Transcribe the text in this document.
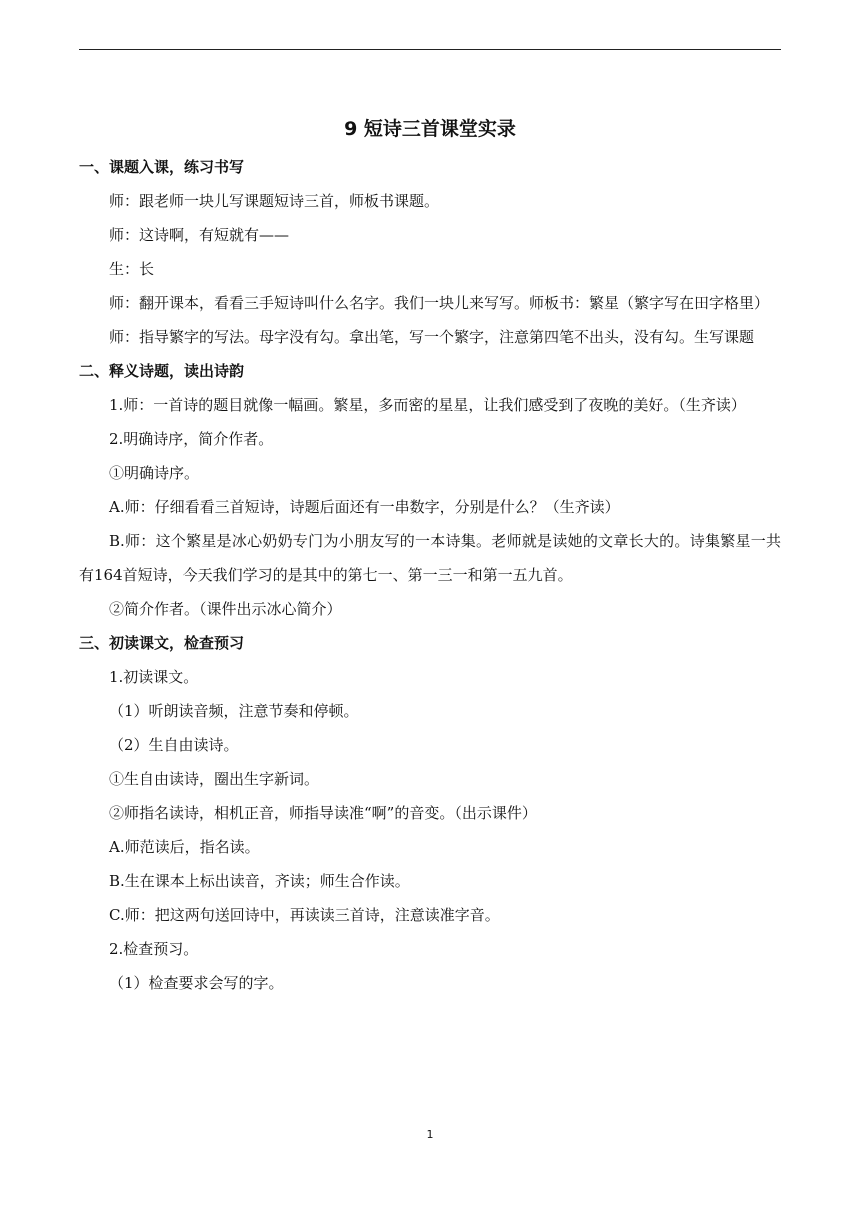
9 短诗三首课堂实录

一、课题入课，练习书写

师：跟老师一块儿写课题短诗三首，师板书课题。

师：这诗啊，有短就有——

生：长

师：翻开课本，看看三手短诗叫什么名字。我们一块儿来写写。师板书：繁星（繁字写在田字格里）

师：指导繁字的写法。母字没有勾。拿出笔，写一个繁字，注意第四笔不出头，没有勾。生写课题

二、释义诗题，读出诗韵

1.师：一首诗的题目就像一幅画。繁星，多而密的星星，让我们感受到了夜晚的美好。（生齐读）

2.明确诗序，简介作者。

①明确诗序。

A.师：仔细看看三首短诗，诗题后面还有一串数字，分别是什么？（生齐读）

B.师：这个繁星是冰心奶奶专门为小朋友写的一本诗集。老师就是读她的文章长大的。诗集繁星一共有164首短诗，今天我们学习的是其中的第七一、第一三一和第一五九首。

②简介作者。（课件出示冰心简介）

三、初读课文，检查预习

1.初读课文。

（1）听朗读音频，注意节奏和停顿。

（2）生自由读诗。

①生自由读诗，圈出生字新词。

②师指名读诗，相机正音，师指导读准“啊”的音变。（出示课件）

A.师范读后，指名读。

B.生在课本上标出读音，齐读；师生合作读。

C.师：把这两句送回诗中，再读读三首诗，注意读准字音。

2.检查预习。

（1）检查要求会写的字。

1
